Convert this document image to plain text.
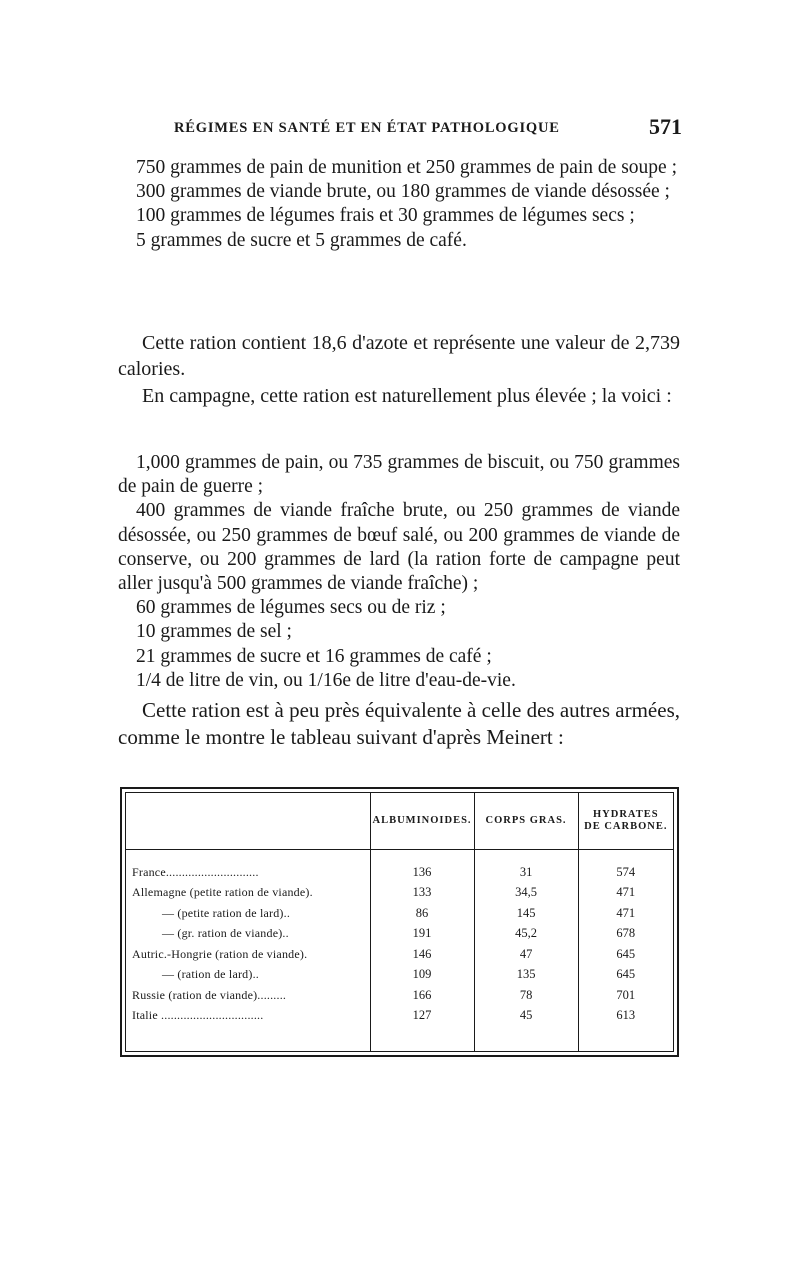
RÉGIMES EN SANTÉ ET EN ÉTAT PATHOLOGIQUE	571

750 grammes de pain de munition et 250 grammes de pain de soupe ;

300 grammes de viande brute, ou 180 grammes de viande désossée ;

100 grammes de légumes frais et 30 grammes de légumes secs ;

5 grammes de sucre et 5 grammes de café.

Cette ration contient 18,6 d'azote et représente une valeur de 2,739 calories.

En campagne, cette ration est naturellement plus élevée ; la voici :

1,000 grammes de pain, ou 735 grammes de biscuit, ou 750 grammes de pain de guerre ;

400 grammes de viande fraîche brute, ou 250 grammes de viande désossée, ou 250 grammes de bœuf salé, ou 200 grammes de viande de conserve, ou 200 grammes de lard (la ration forte de campagne peut aller jusqu'à 500 grammes de viande fraîche) ;

60 grammes de légumes secs ou de riz ;

10 grammes de sel ;

21 grammes de sucre et 16 grammes de café ;

1/4 de litre de vin, ou 1/16e de litre d'eau-de-vie.

Cette ration est à peu près équivalente à celle des autres armées, comme le montre le tableau suivant d'après Meinert :

	ALBUMINOIDES.	CORPS GRAS.	HYDRATES
DE CARBONE.

France.............................	136	31	574
Allemagne (petite ration de viande).	133	34,5	471
— (petite ration de lard)..	86	145	471
— (gr. ration de viande)..	191	45,2	678
Autric.-Hongrie (ration de viande).	146	47	645
— (ration de lard)..	109	135	645
Russie (ration de viande).........	166	78	701
Italie ................................	127	45	613
